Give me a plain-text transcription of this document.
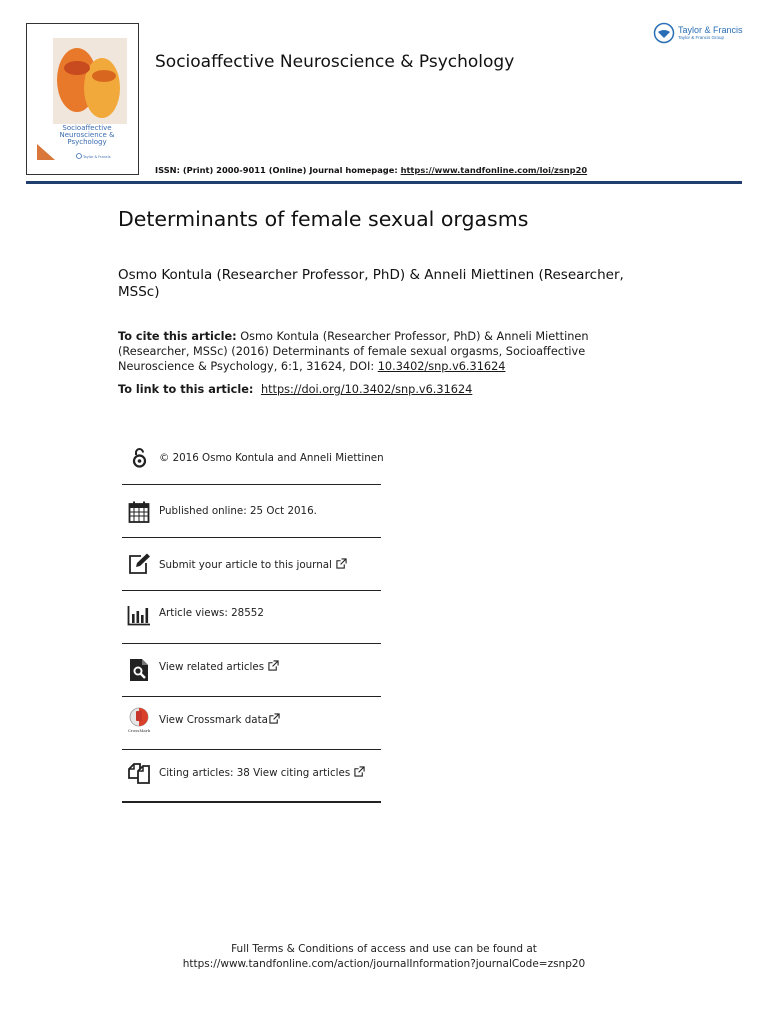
Socioaffective
Neuroscience &
Psychology
Taylor & Francis
Socioaffective Neuroscience & Psychology
ISSN: (Print) 2000-9011 (Online) Journal homepage: https://www.tandfonline.com/loi/zsnp20
Taylor & Francis
Taylor & Francis Group
Determinants of female sexual orgasms
Osmo Kontula (Researcher Professor, PhD) & Anneli Miettinen (Researcher, MSSc)
To cite this article: Osmo Kontula (Researcher Professor, PhD) & Anneli Miettinen (Researcher, MSSc) (2016) Determinants of female sexual orgasms, Socioaffective Neuroscience & Psychology, 6:1, 31624, DOI: 10.3402/snp.v6.31624
To link to this article:  https://doi.org/10.3402/snp.v6.31624
© 2016 Osmo Kontula and Anneli Miettinen
Published online: 25 Oct 2016.
Submit your article to this journal
Article views: 28552
View related articles
CrossMark
View Crossmark data
Citing articles: 38 View citing articles
Full Terms & Conditions of access and use can be found at
https://www.tandfonline.com/action/journalInformation?journalCode=zsnp20
